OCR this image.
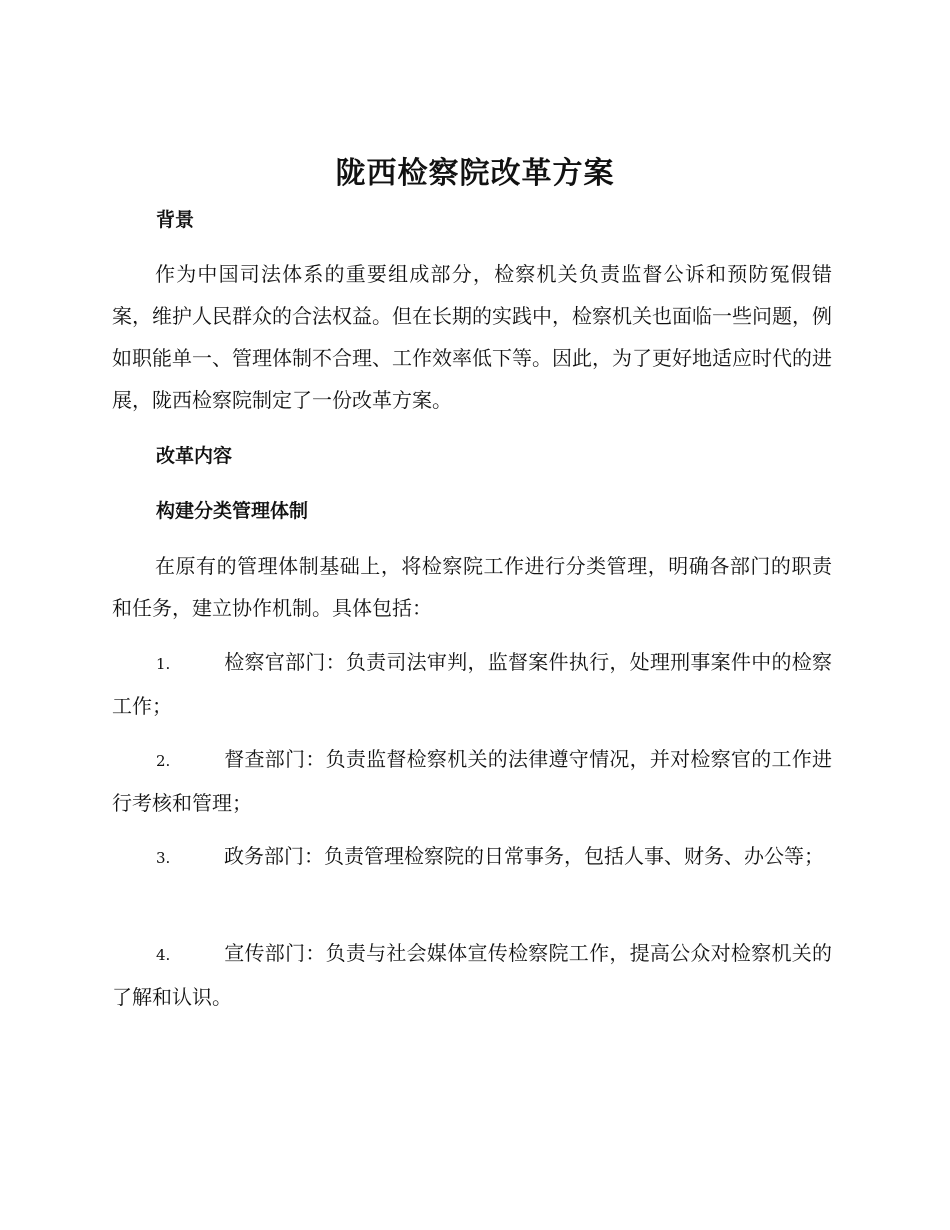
陇西检察院改革方案
背景

作为中国司法体系的重要组成部分，检察机关负责监督公诉和预防冤假错案，维护人民群众的合法权益。但在长期的实践中，检察机关也面临一些问题，例如职能单一、管理体制不合理、工作效率低下等。因此，为了更好地适应时代的进展，陇西检察院制定了一份改革方案。

改革内容
构建分类管理体制

在原有的管理体制基础上，将检察院工作进行分类管理，明确各部门的职责和任务，建立协作机制。具体包括：

1.	检察官部门：负责司法审判，监督案件执行，处理刑事案件中的检察工作；

2.	督查部门：负责监督检察机关的法律遵守情况，并对检察官的工作进行考核和管理；

3.	政务部门：负责管理检察院的日常事务，包括人事、财务、办公等；

4.	宣传部门：负责与社会媒体宣传检察院工作，提高公众对检察机关的了解和认识。
